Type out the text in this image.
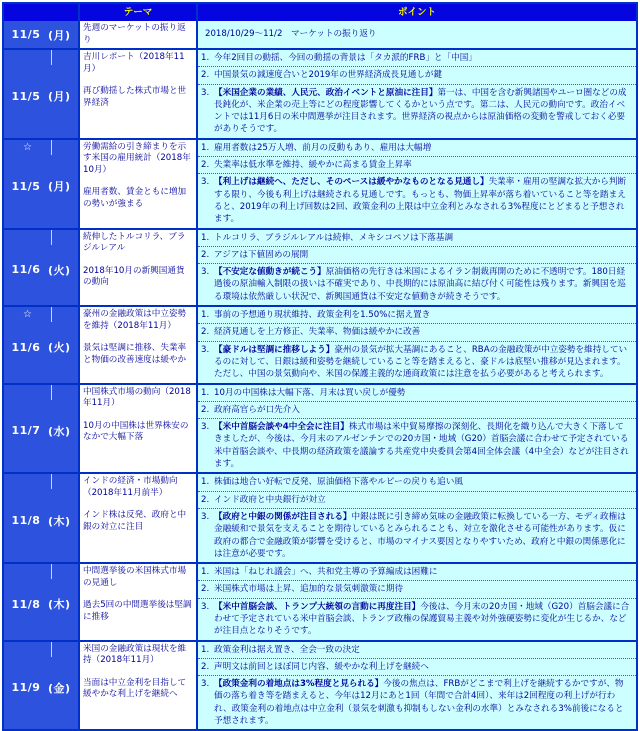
テーマ	ポイント
11/5 (月)

先週のマーケットの振り返り

2018/10/29～11/2　マーケットの振り返り
11/5 (月)

吉川レポート（2018年11月）

再び動揺した株式市場と世界経済

1. 今年2回目の動揺、今回の動揺の背景は「タカ派的FRB」と「中国」
2. 中国景気の減速度合いと2019年の世界経済成長見通しが鍵
3. 【米国企業の業績、人民元、政治イベントと原油に注目】第一は、中国を含む新興諸国やユーロ圏などの成長鈍化が、米企業の売上等にどの程度影響してくるかという点です。第二は、人民元の動向です。政治イベントでは11月6日の米中間選挙が注目されます。世界経済の視点からは原油価格の変動を警戒しておく必要がありそうです。
☆
11/5 (月)

労働需給の引き締まりを示す米国の雇用統計（2018年10月）

雇用者数、賃金ともに増加の勢いが強まる

1. 雇用者数は25万人増、前月の反動もあり、雇用は大幅増
2. 失業率は低水準を維持、緩やかに高まる賃金上昇率
3. 【利上げは継続へ、ただし、そのペースは緩やかなものとなる見通し】失業率・雇用の堅調な拡大から判断する限り、今後も利上げは継続される見通しです。もっとも、物価上昇率が落ち着いていること等を踏まえると、2019年の利上げ回数は2回、政策金利の上限は中立金利とみなされる3%程度にとどまると予想されます。
11/6 (火)

続伸したトルコリラ、ブラジルレアル

2018年10月の新興国通貨の動向

1. トルコリラ、ブラジルレアルは続伸、メキシコペソは下落基調
2. アジアは下値固めの展開
3. 【不安定な値動きが続こう】原油価格の先行きは米国によるイラン制裁再開のために不透明です。180日経過後の原油輸入制限の扱いは不確実であり、中長期的には原油高に結び付く可能性は残ります。新興国を巡る環境は依然厳しい状況で、新興国通貨は不安定な値動きが続きそうです。
☆
11/6 (火)

豪州の金融政策は中立姿勢を維持（2018年11月）

景気は堅調に推移、失業率と物価の改善速度は緩やか

1. 事前の予想通り現状維持、政策金利を1.50%に据え置き
2. 経済見通しを上方修正、失業率、物価は緩やかに改善
3. 【豪ドルは堅調に推移しよう】豪州の景気が拡大基調にあること、RBAの金融政策が中立姿勢を維持しているのに対して、日銀は緩和姿勢を継続していること等を踏まえると、豪ドルは底堅い推移が見込まれます。ただし、中国の景気動向や、米国の保護主義的な通商政策には注意を払う必要があると考えられます。
11/7 (水)

中国株式市場の動向（2018年11月）

10月の中国株は世界株安のなかで大幅下落

1. 10月の中国株は大幅下落、月末は買い戻しが優勢
2. 政府高官らが口先介入
3. 【米中首脳会談や4中全会に注目】株式市場は米中貿易摩擦の深刻化、長期化を織り込んで大きく下落してきましたが、今後は、今月末のアルゼンチンでの20カ国・地域（G20）首脳会議に合わせて予定されている米中首脳会談や、中長期の経済政策を議論する共産党中央委員会第4回全体会議（4中全会）などが注目されます。
11/8 (木)

インドの経済・市場動向（2018年11月前半）

インド株は反発、政府と中銀の対立に注目

1. 株価は地合い好転で反発、原油価格下落やルピーの戻りも追い風
2. インド政府と中央銀行が対立
3. 【政府と中銀の関係が注目される】中銀は既に引き締め気味の金融政策に転換している一方、モディ政権は金融緩和で景気を支えることを期待しているとみられることも、対立を激化させる可能性があります。仮に政府の都合で金融政策が影響を受けると、市場のマイナス要因となりやすいため、政府と中銀の関係悪化には注意が必要です。
11/8 (木)

中間選挙後の米国株式市場の見通し

過去5回の中間選挙後は堅調に推移

1. 米国は「ねじれ議会」へ、共和党主導の予算編成は困難に
2. 米国株式市場は上昇、追加的な景気刺激策に期待
3. 【米中首脳会談、トランプ大統領の言動に再度注目】今後は、今月末の20カ国・地域（G20）首脳会議に合わせて予定されている米中首脳会談、トランプ政権の保護貿易主義や対外強硬姿勢に変化が生じるか、などが注目点となりそうです。
11/9 (金)

米国の金融政策は現状を維持（2018年11月）

当面は中立金利を目指して緩やかな利上げを継続へ

1. 政策金利は据え置き、全会一致の決定
2. 声明文は前回とほぼ同じ内容、緩やかな利上げを継続へ
3. 【政策金利の着地点は3%程度と見られる】今後の焦点は、FRBがどこまで利上げを継続するかですが、物価の落ち着き等を踏まえると、今年は12月にあと1回（年間で合計4回）、来年は2回程度の利上げが行われ、政策金利の着地点は中立金利（景気を刺激も抑制もしない金利の水準）とみなされる3%前後になると予想されます。
